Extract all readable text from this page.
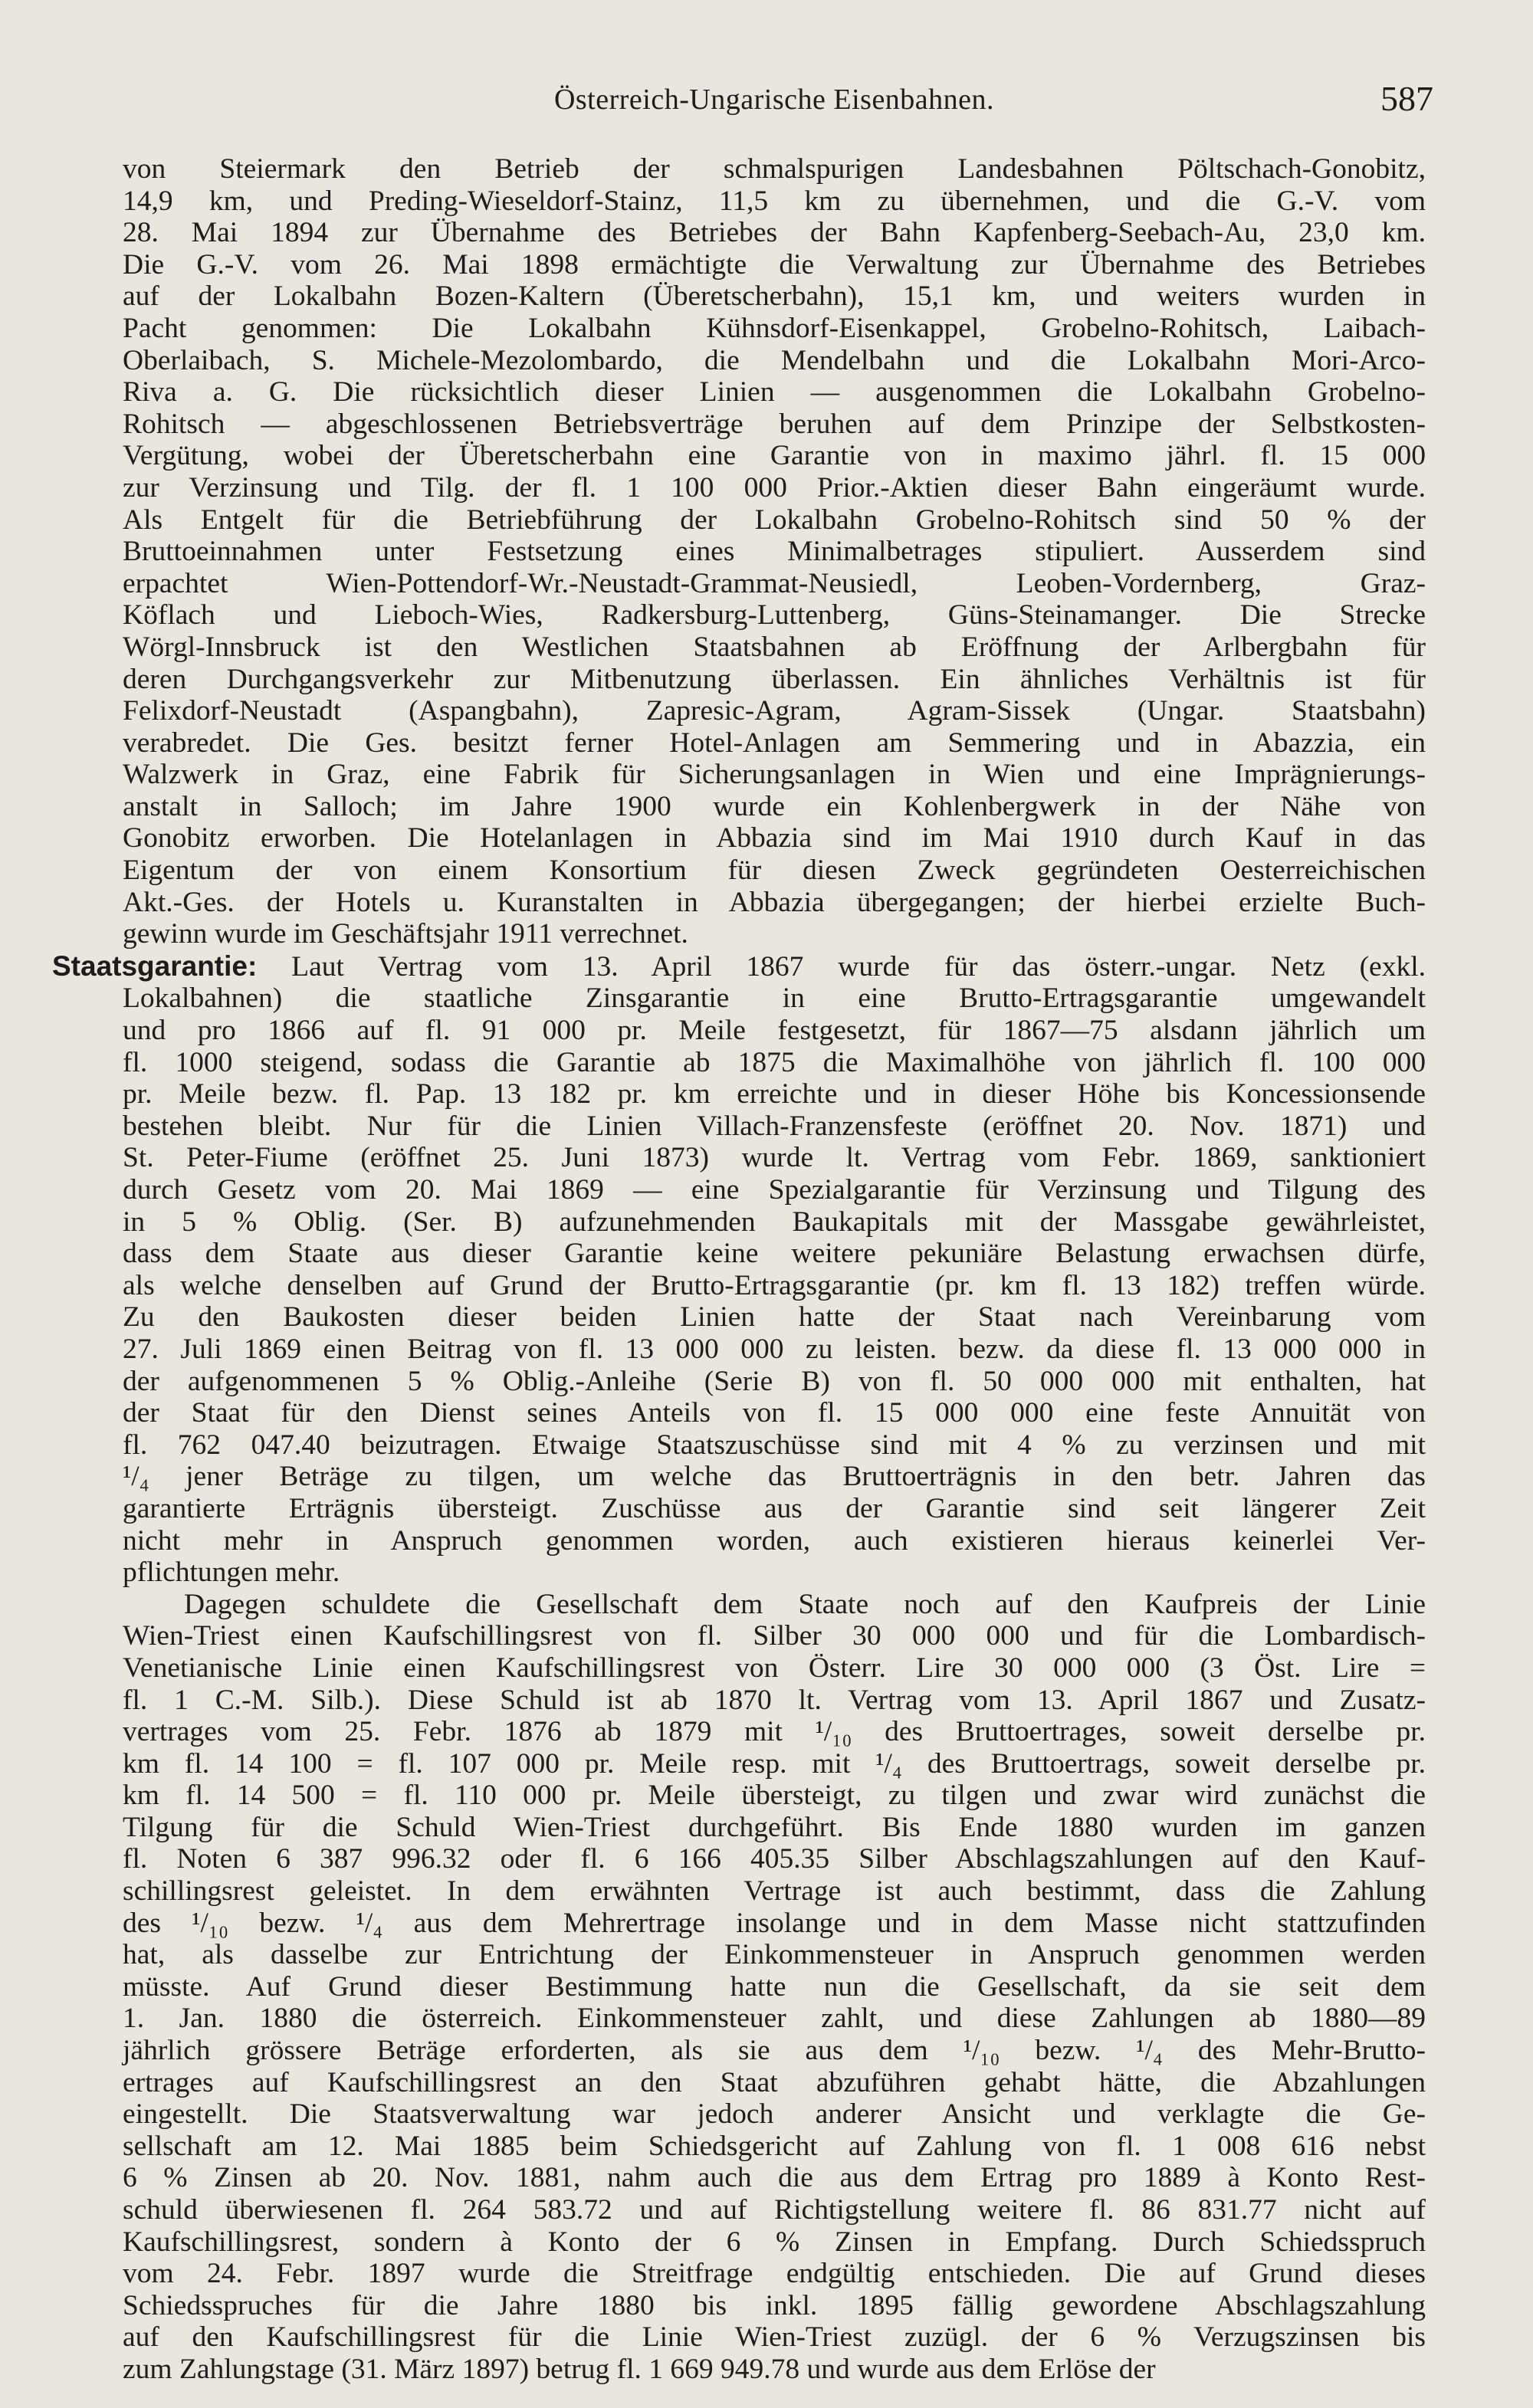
Österreich-Ungarische Eisenbahnen.	587

von Steiermark den Betrieb der schmalspurigen Landesbahnen Pöltschach-Gonobitz,
14,9 km, und Preding-Wieseldorf-Stainz, 11,5 km zu übernehmen, und die G.-V. vom
28. Mai 1894 zur Übernahme des Betriebes der Bahn Kapfenberg-Seebach-Au, 23,0 km.
Die G.-V. vom 26. Mai 1898 ermächtigte die Verwaltung zur Übernahme des Betriebes
auf der Lokalbahn Bozen-Kaltern (Überetscherbahn), 15,1 km, und weiters wurden in
Pacht genommen: Die Lokalbahn Kühnsdorf-Eisenkappel, Grobelno-Rohitsch, Laibach-
Oberlaibach, S. Michele-Mezolombardo, die Mendelbahn und die Lokalbahn Mori-Arco-
Riva a. G. Die rücksichtlich dieser Linien — ausgenommen die Lokalbahn Grobelno-
Rohitsch — abgeschlossenen Betriebsverträge beruhen auf dem Prinzipe der Selbstkosten-
Vergütung, wobei der Überetscherbahn eine Garantie von in maximo jährl. fl. 15 000
zur Verzinsung und Tilg. der fl. 1 100 000 Prior.-Aktien dieser Bahn eingeräumt wurde.
Als Entgelt für die Betriebführung der Lokalbahn Grobelno-Rohitsch sind 50 % der
Bruttoeinnahmen unter Festsetzung eines Minimalbetrages stipuliert. Ausserdem sind
erpachtet Wien-Pottendorf-Wr.-Neustadt-Grammat-Neusiedl, Leoben-Vordernberg, Graz-
Köflach und Lieboch-Wies, Radkersburg-Luttenberg, Güns-Steinamanger. Die Strecke
Wörgl-Innsbruck ist den Westlichen Staatsbahnen ab Eröffnung der Arlbergbahn für
deren Durchgangsverkehr zur Mitbenutzung überlassen. Ein ähnliches Verhältnis ist für
Felixdorf-Neustadt (Aspangbahn), Zapresic-Agram, Agram-Sissek (Ungar. Staatsbahn)
verabredet. Die Ges. besitzt ferner Hotel-Anlagen am Semmering und in Abazzia, ein
Walzwerk in Graz, eine Fabrik für Sicherungsanlagen in Wien und eine Imprägnierungs-
anstalt in Salloch; im Jahre 1900 wurde ein Kohlenbergwerk in der Nähe von
Gonobitz erworben. Die Hotelanlagen in Abbazia sind im Mai 1910 durch Kauf in das
Eigentum der von einem Konsortium für diesen Zweck gegründeten Oesterreichischen
Akt.-Ges. der Hotels u. Kuranstalten in Abbazia übergegangen; der hierbei erzielte Buch-
gewinn wurde im Geschäftsjahr 1911 verrechnet.

Staatsgarantie: Laut Vertrag vom 13. April 1867 wurde für das österr.-ungar. Netz (exkl.
Lokalbahnen) die staatliche Zinsgarantie in eine Brutto-Ertragsgarantie umgewandelt
und pro 1866 auf fl. 91 000 pr. Meile festgesetzt, für 1867—75 alsdann jährlich um
fl. 1000 steigend, sodass die Garantie ab 1875 die Maximalhöhe von jährlich fl. 100 000
pr. Meile bezw. fl. Pap. 13 182 pr. km erreichte und in dieser Höhe bis Koncessionsende
bestehen bleibt. Nur für die Linien Villach-Franzensfeste (eröffnet 20. Nov. 1871) und
St. Peter-Fiume (eröffnet 25. Juni 1873) wurde lt. Vertrag vom Febr. 1869, sanktioniert
durch Gesetz vom 20. Mai 1869 — eine Spezialgarantie für Verzinsung und Tilgung des
in 5 % Oblig. (Ser. B) aufzunehmenden Baukapitals mit der Massgabe gewährleistet,
dass dem Staate aus dieser Garantie keine weitere pekuniäre Belastung erwachsen dürfe,
als welche denselben auf Grund der Brutto-Ertragsgarantie (pr. km fl. 13 182) treffen würde.
Zu den Baukosten dieser beiden Linien hatte der Staat nach Vereinbarung vom
27. Juli 1869 einen Beitrag von fl. 13 000 000 zu leisten. bezw. da diese fl. 13 000 000 in
der aufgenommenen 5 % Oblig.-Anleihe (Serie B) von fl. 50 000 000 mit enthalten, hat
der Staat für den Dienst seines Anteils von fl. 15 000 000 eine feste Annuität von
fl. 762 047.40 beizutragen. Etwaige Staatszuschüsse sind mit 4 % zu verzinsen und mit
¹/₄ jener Beträge zu tilgen, um welche das Bruttoerträgnis in den betr. Jahren das
garantierte Erträgnis übersteigt. Zuschüsse aus der Garantie sind seit längerer Zeit
nicht mehr in Anspruch genommen worden, auch existieren hieraus keinerlei Ver-
pflichtungen mehr.

Dagegen schuldete die Gesellschaft dem Staate noch auf den Kaufpreis der Linie
Wien-Triest einen Kaufschillingsrest von fl. Silber 30 000 000 und für die Lombardisch-
Venetianische Linie einen Kaufschillingsrest von Österr. Lire 30 000 000 (3 Öst. Lire =
fl. 1 C.-M. Silb.). Diese Schuld ist ab 1870 lt. Vertrag vom 13. April 1867 und Zusatz-
vertrages vom 25. Febr. 1876 ab 1879 mit ¹/₁₀ des Bruttoertrages, soweit derselbe pr.
km fl. 14 100 = fl. 107 000 pr. Meile resp. mit ¹/₄ des Bruttoertrags, soweit derselbe pr.
km fl. 14 500 = fl. 110 000 pr. Meile übersteigt, zu tilgen und zwar wird zunächst die
Tilgung für die Schuld Wien-Triest durchgeführt. Bis Ende 1880 wurden im ganzen
fl. Noten 6 387 996.32 oder fl. 6 166 405.35 Silber Abschlagszahlungen auf den Kauf-
schillingsrest geleistet. In dem erwähnten Vertrage ist auch bestimmt, dass die Zahlung
des ¹/₁₀ bezw. ¹/₄ aus dem Mehrertrage insolange und in dem Masse nicht stattzufinden
hat, als dasselbe zur Entrichtung der Einkommensteuer in Anspruch genommen werden
müsste. Auf Grund dieser Bestimmung hatte nun die Gesellschaft, da sie seit dem
1. Jan. 1880 die österreich. Einkommensteuer zahlt, und diese Zahlungen ab 1880—89
jährlich grössere Beträge erforderten, als sie aus dem ¹/₁₀ bezw. ¹/₄ des Mehr-Brutto-
ertrages auf Kaufschillingsrest an den Staat abzuführen gehabt hätte, die Abzahlungen
eingestellt. Die Staatsverwaltung war jedoch anderer Ansicht und verklagte die Ge-
sellschaft am 12. Mai 1885 beim Schiedsgericht auf Zahlung von fl. 1 008 616 nebst
6 % Zinsen ab 20. Nov. 1881, nahm auch die aus dem Ertrag pro 1889 à Konto Rest-
schuld überwiesenen fl. 264 583.72 und auf Richtigstellung weitere fl. 86 831.77 nicht auf
Kaufschillingsrest, sondern à Konto der 6 % Zinsen in Empfang. Durch Schiedsspruch
vom 24. Febr. 1897 wurde die Streitfrage endgültig entschieden. Die auf Grund dieses
Schiedsspruches für die Jahre 1880 bis inkl. 1895 fällig gewordene Abschlagszahlung
auf den Kaufschillingsrest für die Linie Wien-Triest zuzügl. der 6 % Verzugszinsen bis
zum Zahlungstage (31. März 1897) betrug fl. 1 669 949.78 und wurde aus dem Erlöse der
